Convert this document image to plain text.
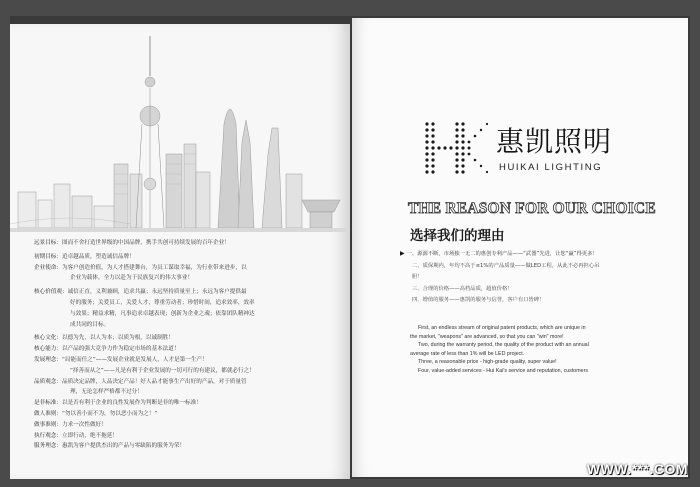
远景目标： 图而不舍打造世界级的中国品牌，携手共创可持续发展的百年企业！
初期目标： 追卓越品质，塑造诚信品牌！
企业使命： 为客户创造价值，为人才搭建舞台，为员工谋取幸福，为行业带来进步，以
企业为载体，全力以赴为于民族复兴的伟大事业！
核心价值观： 诚信正直，义利兼顾，追求共赢；永远坚持质量至上；永远为客户提供最
好的服务；关爱员工，关爱人才，尊重劳动者；珍惜时间，追求效率，效率
与效果；精益求精，凡事追求卓越表现；创新为企业之魂；依靠团队精神达
成共同的目标。
核心文化： 以德为先，以人为本；以质为根，以诚制胜！
核心能力： 以产品的强大竞争力作为稳定市场的基本法道！
发展理念： “局能而任之”——发展企业就是发展人，人才是第一生产！
“择善而从之”——凡是有利于企业发展的一切可行的有建议，都就必行之！
品质观念： 品质决定品牌，人品决定产品！好人品才能事生产出好的产品，对于质量管
理，无论怎样严格都不过分！
是非标准： 以是否有利于企业的良性发展作为判断是非的唯一标准！
做人准则： “勿以善小而不为，勿以恶小而为之！”
做事准则： 力求一次性做好！
执行观念： 立即行动，绝不拖延！
服务理念： 惠凯为客户提供杰出的产品与零缺陷的服务为荣！
惠凯照明
HUIKAI LIGHTING
THE REASON FOR OUR CHOICE
选择我们的理由
▶ 一、源源不断，市场独一无二的惠创专利产品——“武器”先进，让您“赢”得更多！
二、质保期内，年均不高于≤1%的产品质量——做LED工程，从此不必再担心吊
胆！
三、合理的价格——高档品质，超值价格！
四、增值的服务——惠凯的服务与信誉，客户有口皆碑！
First, an endless stream of original patent products, which are unique in
the market, "weapons" are advanced, so that you can "win" more!
Two, during the warranty period, the quality of the product with an annual
average rate of less than 1% will be LED project.
Three, a reasonable price - high-grade quality, super value!
Four, value-added services - Hui Kai's service and reputation, customers
WWW.***.COM
